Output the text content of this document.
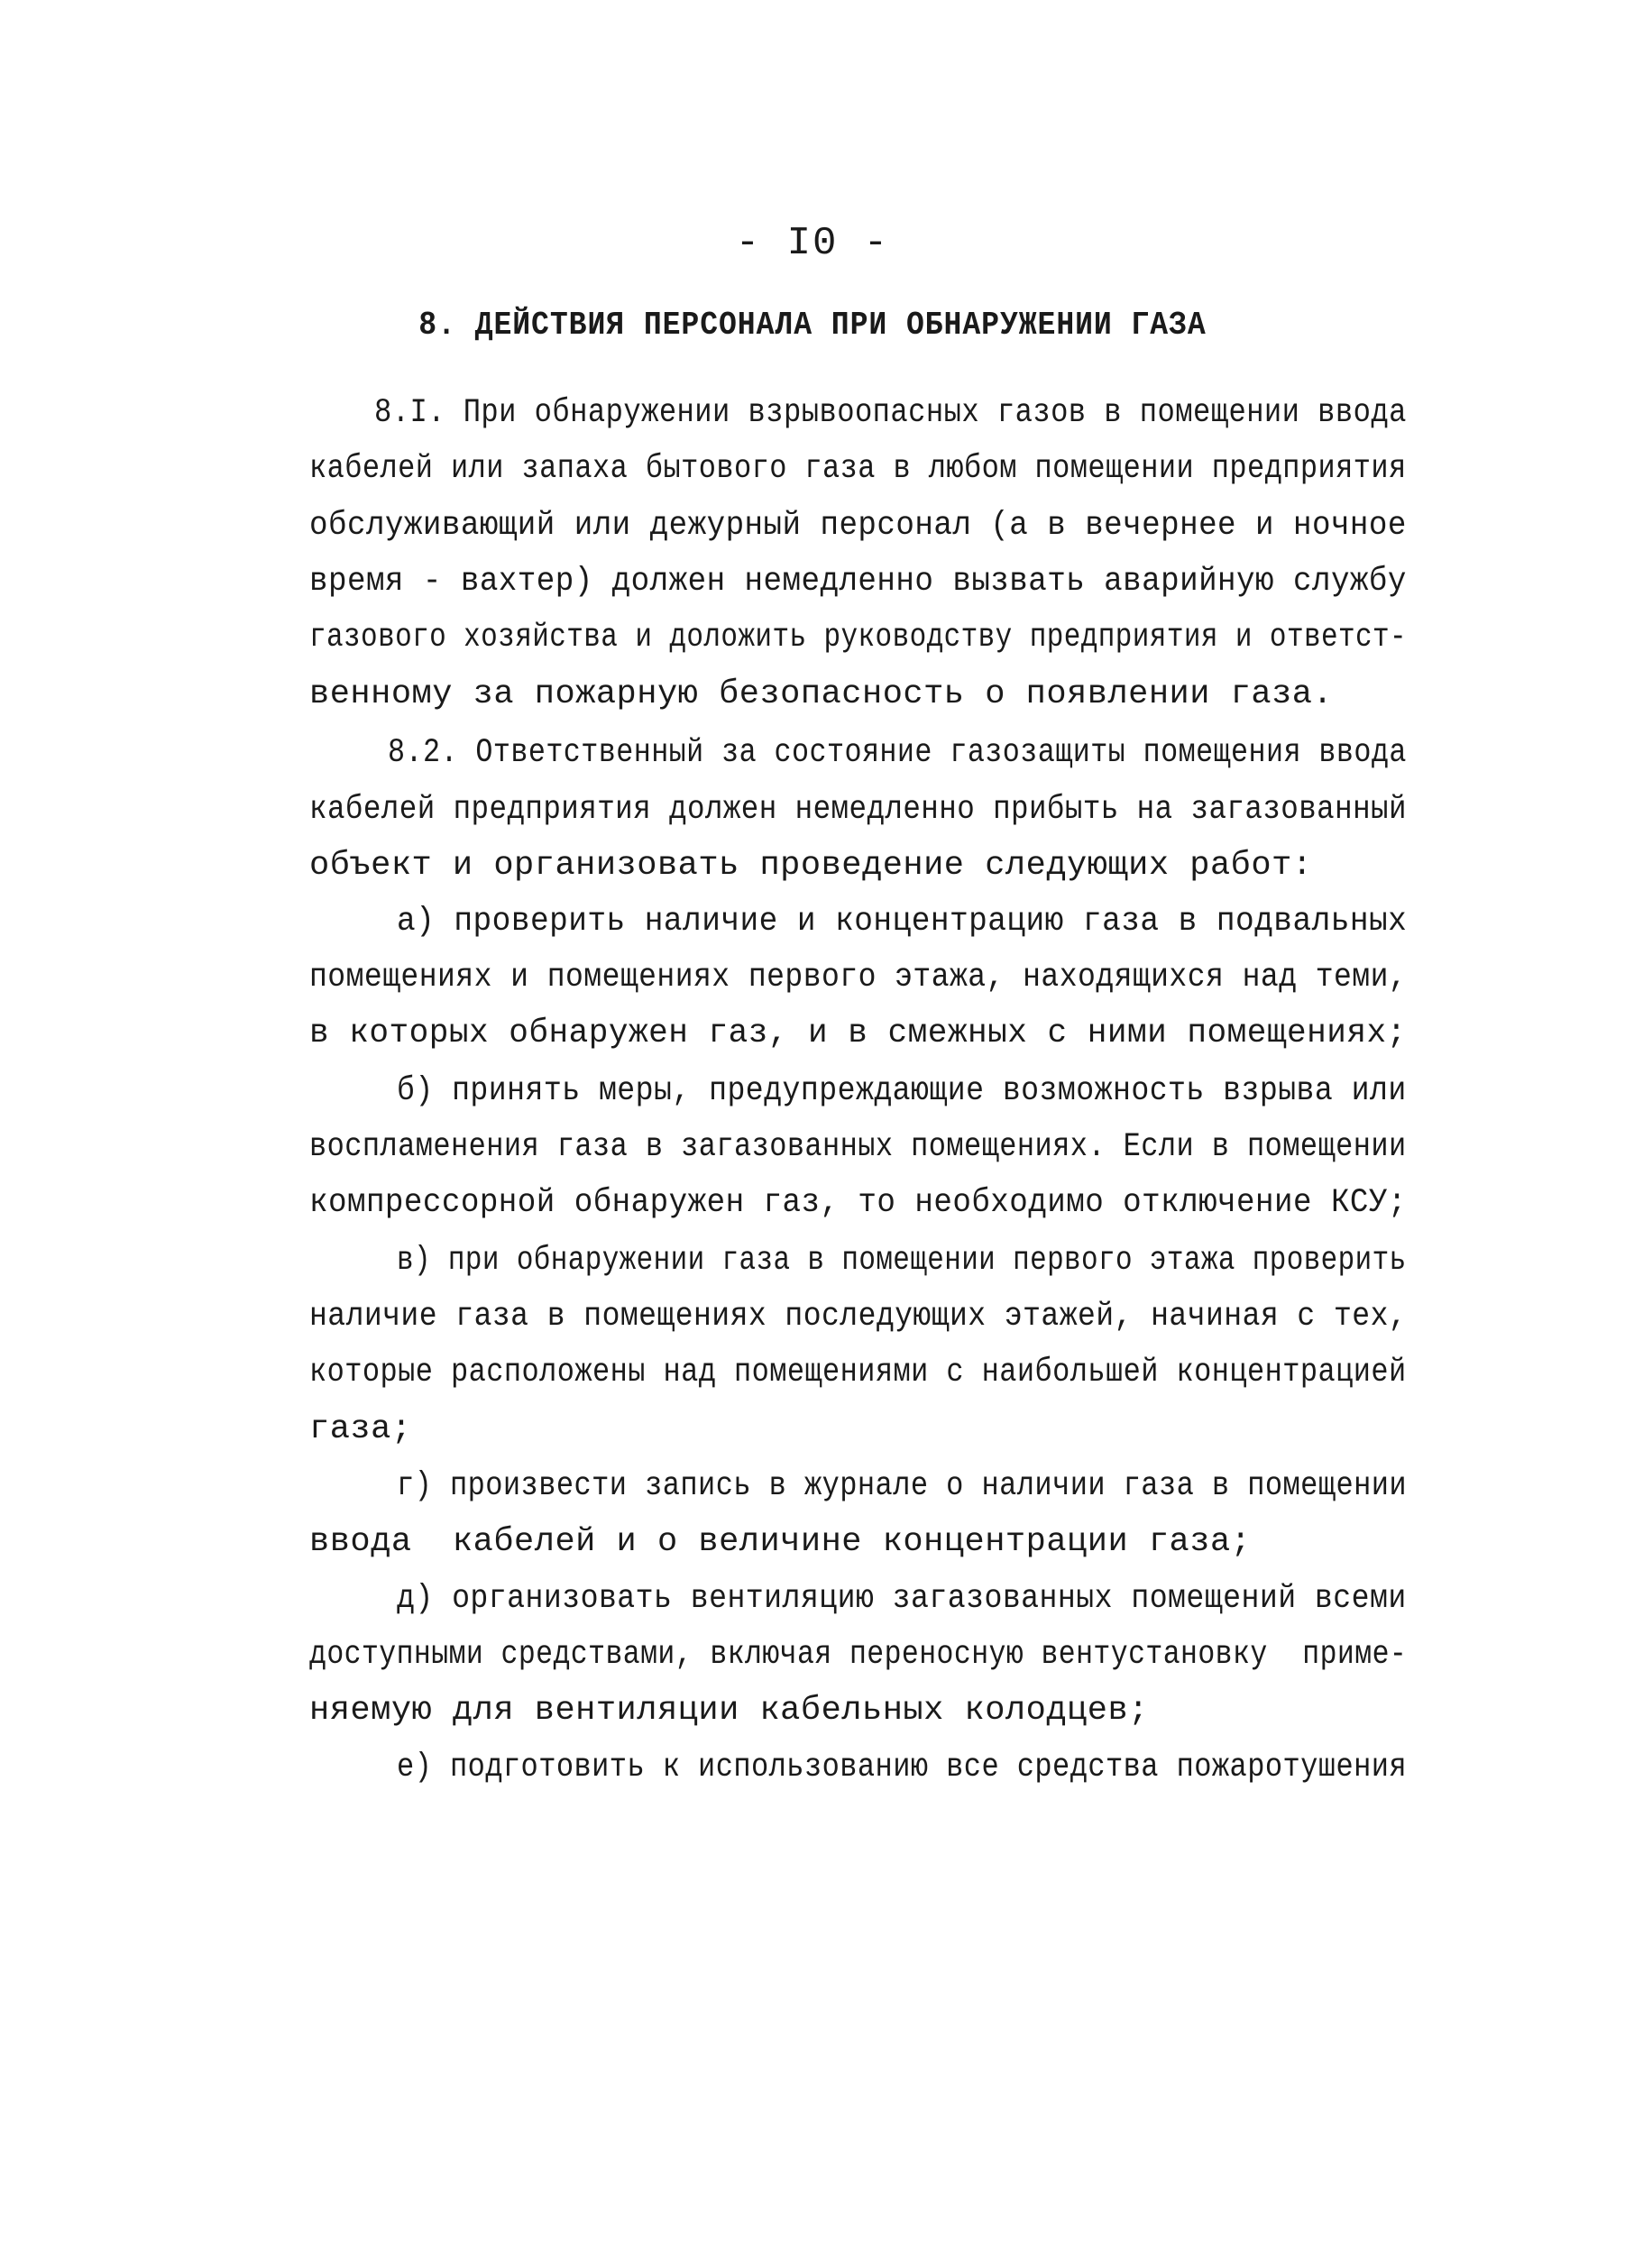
- I0 -
8. ДЕЙСТВИЯ ПЕРСОНАЛА ПРИ ОБНАРУЖЕНИИ ГАЗА
8.I. При обнаружении взрывоопасных газов в помещении ввода
кабелей или запаха бытового газа в любом помещении предприятия
обслуживающий или дежурный персонал (а в вечернее и ночное
время - вахтер) должен немедленно вызвать аварийную службу
газового хозяйства и доложить руководству предприятия и ответст-
венному за пожарную безопасность о появлении газа.
8.2. Ответственный за состояние газозащиты помещения ввода
кабелей предприятия должен немедленно прибыть на загазованный
объект и организовать проведение следующих работ:
а) проверить наличие и концентрацию газа в подвальных
помещениях и помещениях первого этажа, находящихся над теми,
в которых обнаружен газ, и в смежных с ними помещениях;
б) принять меры, предупреждающие возможность взрыва или
воспламенения газа в загазованных помещениях. Если в помещении
компрессорной обнаружен газ, то необходимо отключение КСУ;
в) при обнаружении газа в помещении первого этажа проверить
наличие газа в помещениях последующих этажей, начиная с тех,
которые расположены над помещениями с наибольшей концентрацией
газа;
г) произвести запись в журнале о наличии газа в помещении
ввода  кабелей и о величине концентрации газа;
д) организовать вентиляцию загазованных помещений всеми
доступными средствами, включая переносную вентустановку  приме-
няемую для вентиляции кабельных колодцев;
е) подготовить к использованию все средства пожаротушения
